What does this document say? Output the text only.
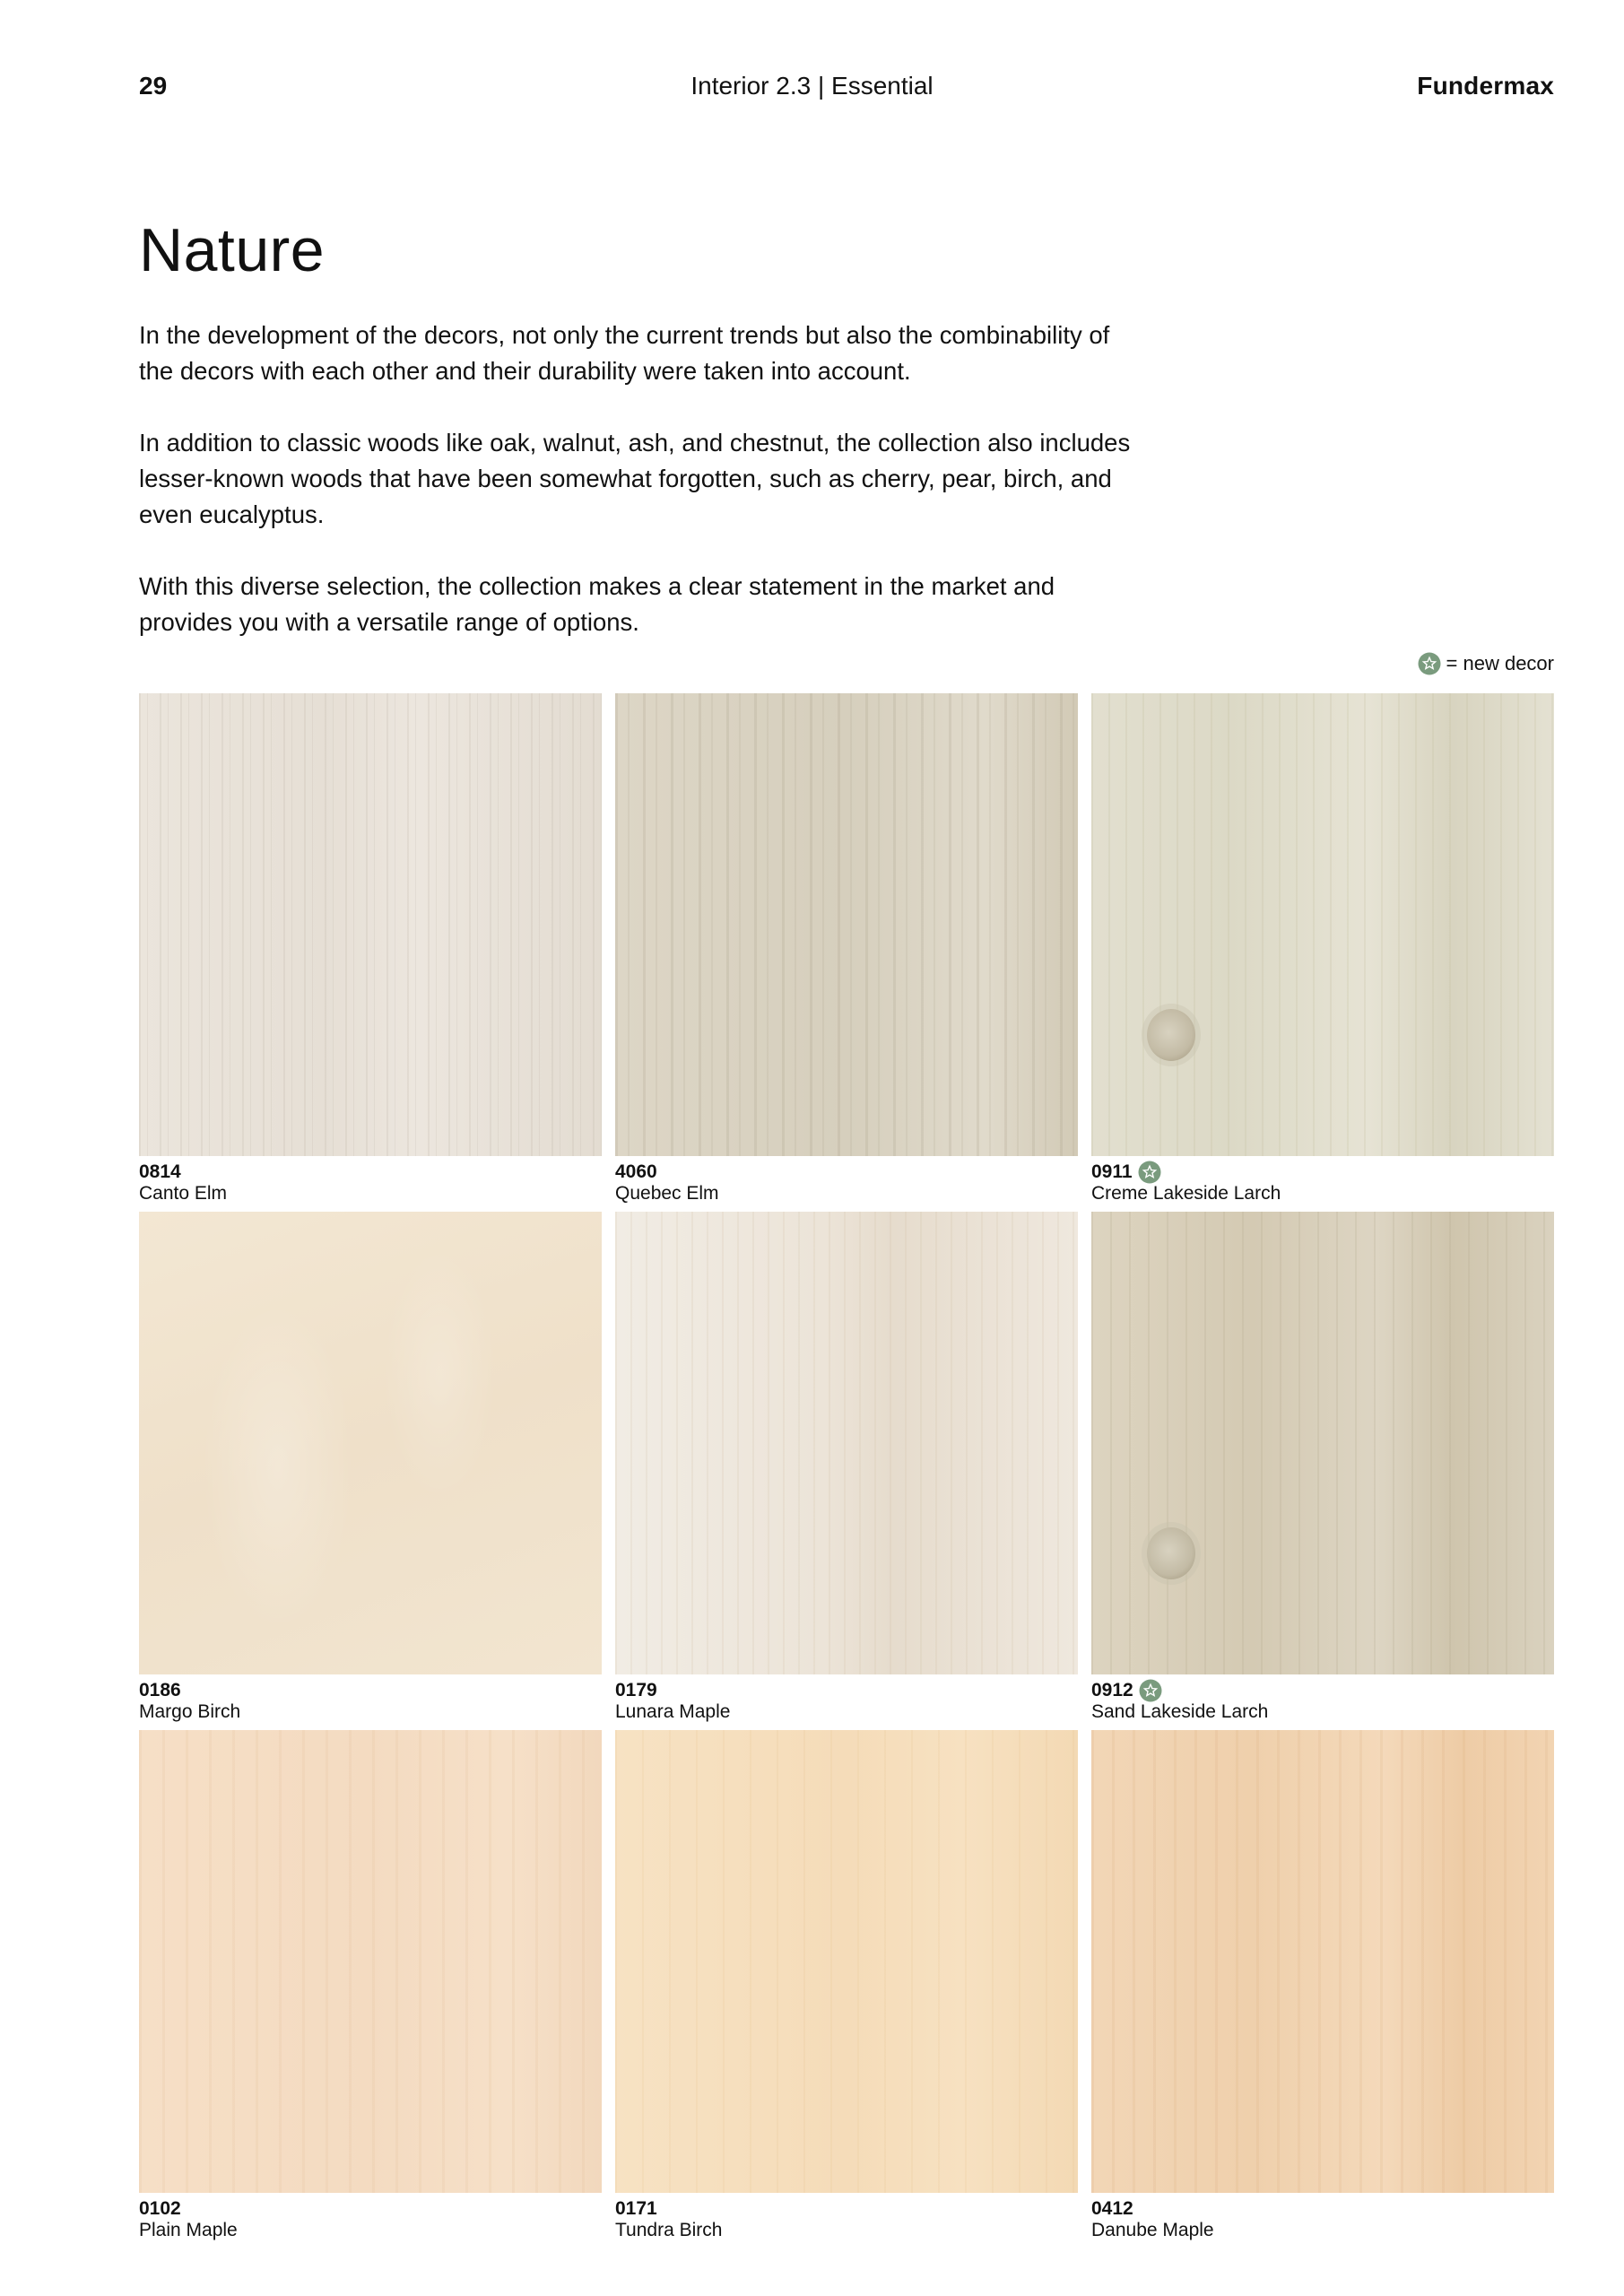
29	Interior 2.3 | Essential	Fundermax
Nature

In the development of the decors, not only the current trends but also the combinability of the decors with each other and their durability were taken into account.

In addition to classic woods like oak, walnut, ash, and chestnut, the collection also includes lesser-known woods that have been somewhat forgotten, such as cherry, pear, birch, and even eucalyptus.

With this diverse selection, the collection makes a clear statement in the market and provides you with a versatile range of options.

= new decor
0814
Canto Elm
4060
Quebec Elm
0911
Creme Lakeside Larch
0186
Margo Birch
0179
Lunara Maple
0912
Sand Lakeside Larch
0102
Plain Maple
0171
Tundra Birch
0412
Danube Maple
